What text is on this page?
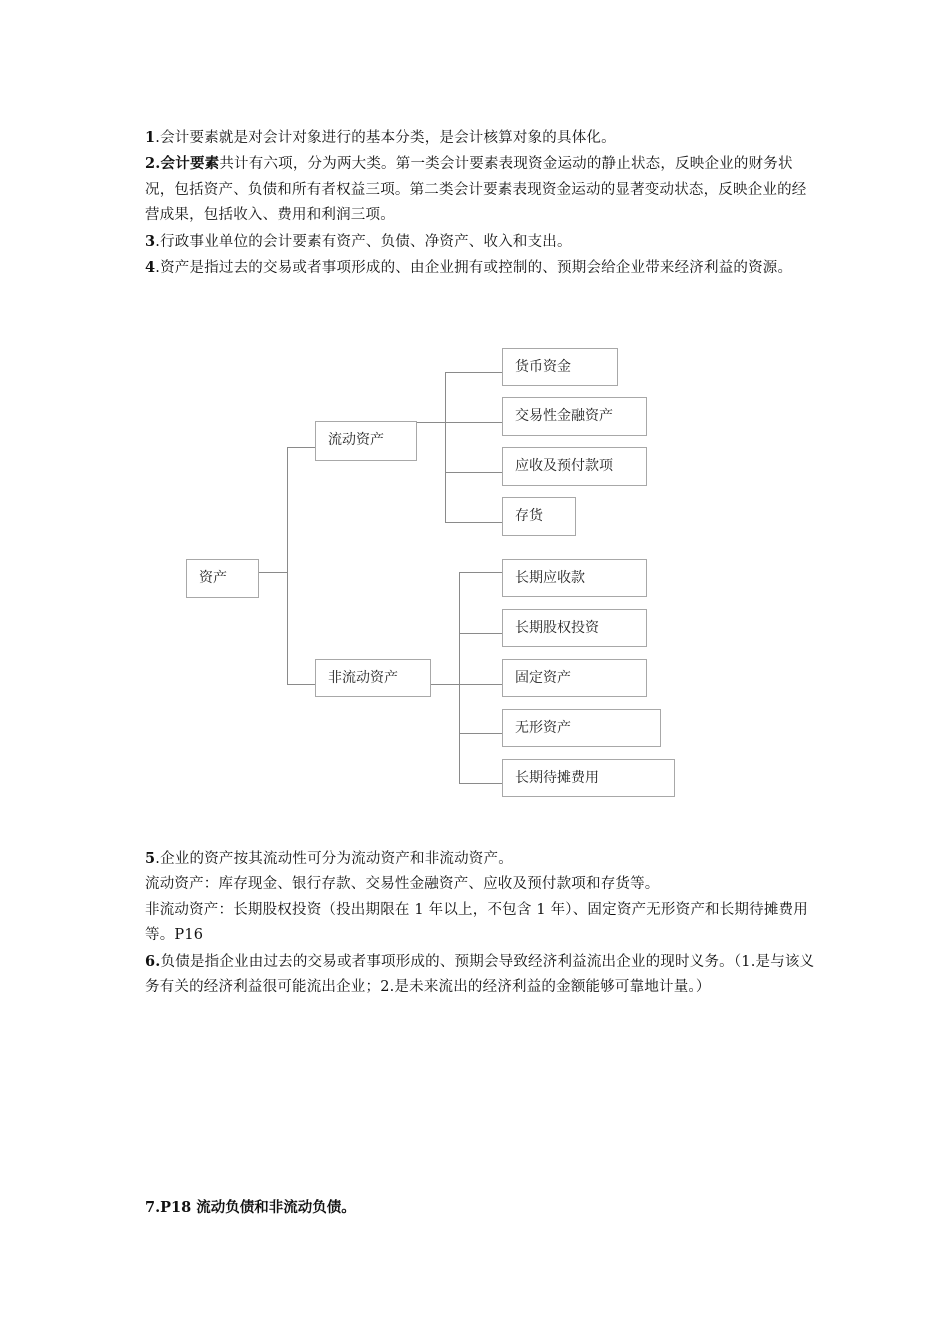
1.会计要素就是对会计对象进行的基本分类，是会计核算对象的具体化。

2.会计要素共计有六项，分为两大类。第一类会计要素表现资金运动的静止状态，反映企业的财务状况，包括资产、负债和所有者权益三项。第二类会计要素表现资金运动的显著变动状态，反映企业的经营成果，包括收入、费用和利润三项。

3.行政事业单位的会计要素有资产、负债、净资产、收入和支出。

4.资产是指过去的交易或者事项形成的、由企业拥有或控制的、预期会给企业带来经济利益的资源。

资产
流动资产
非流动资产
货币资金
交易性金融资产
应收及预付款项
存货
长期应收款
长期股权投资
固定资产
无形资产
长期待摊费用

5.企业的资产按其流动性可分为流动资产和非流动资产。

流动资产：库存现金、银行存款、交易性金融资产、应收及预付款项和存货等。

非流动资产：长期股权投资（投出期限在 1 年以上，不包含 1 年）、固定资产无形资产和长期待摊费用等。P16

6.负债是指企业由过去的交易或者事项形成的、预期会导致经济利益流出企业的现时义务。（1.是与该义务有关的经济利益很可能流出企业；2.是未来流出的经济利益的金额能够可靠地计量。）

7.P18 流动负债和非流动负债。
